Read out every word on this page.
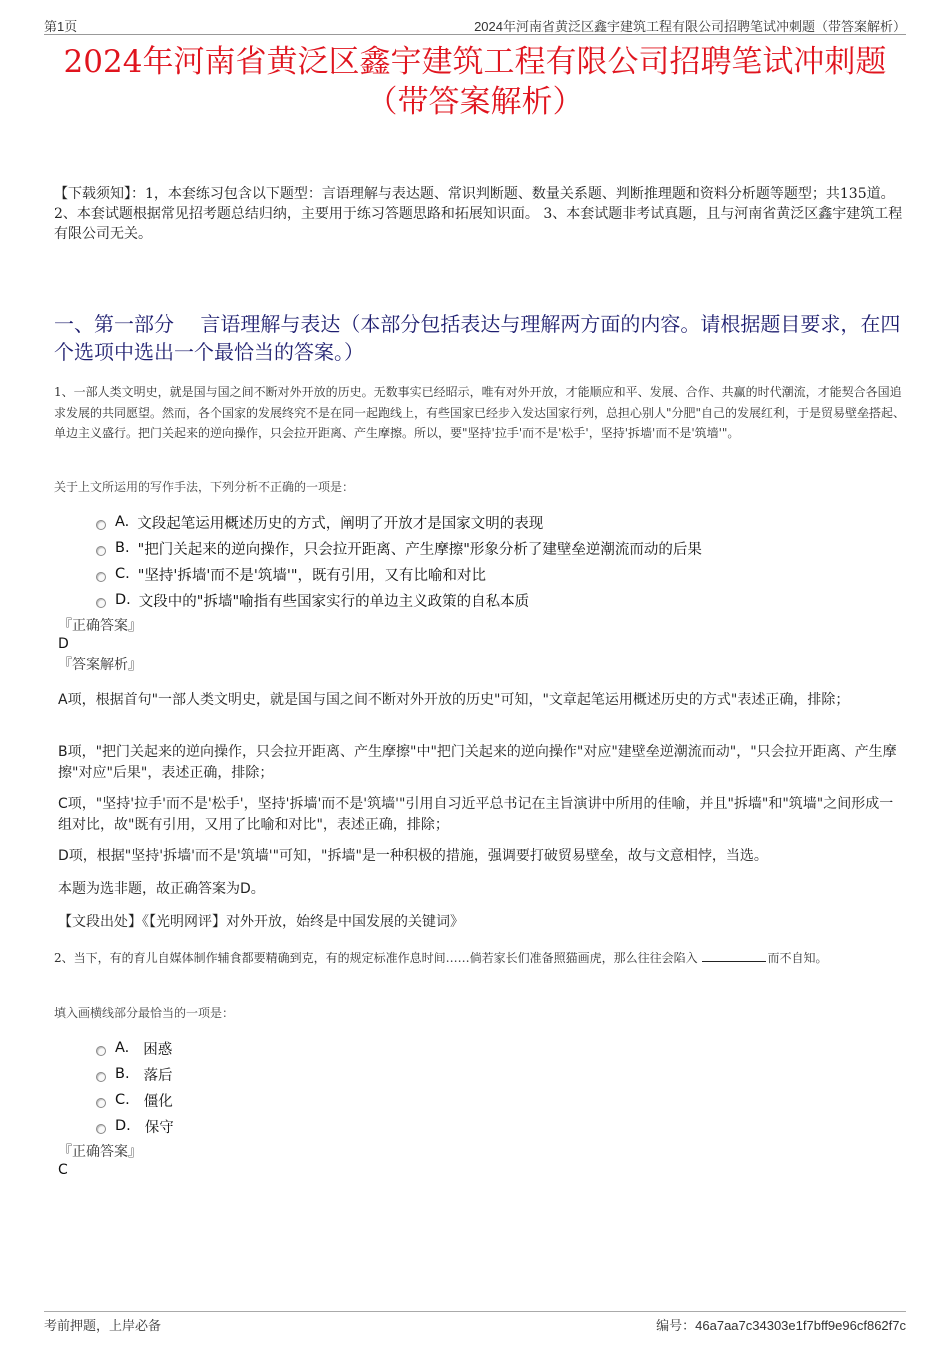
第1页	2024年河南省黄泛区鑫宇建筑工程有限公司招聘笔试冲刺题（带答案解析）
2024年河南省黄泛区鑫宇建筑工程有限公司招聘笔试冲刺题
（带答案解析）
【下载须知】：1，本套练习包含以下题型：言语理解与表达题、常识判断题、数量关系题、判断推理题和资料分析题等题型；共135道。 2、本套试题根据常见招考题总结归纳，主要用于练习答题思路和拓展知识面。 3、本套试题非考试真题，且与河南省黄泛区鑫宇建筑工程有限公司无关。
一、第一部分　 言语理解与表达（本部分包括表达与理解两方面的内容。请根据题目要求，在四个选项中选出一个最恰当的答案。）
1、一部人类文明史，就是国与国之间不断对外开放的历史。无数事实已经昭示，唯有对外开放，才能顺应和平、发展、合作、共赢的时代潮流，才能契合各国追求发展的共同愿望。然而，各个国家的发展终究不是在同一起跑线上，有些国家已经步入发达国家行列，总担心别人"分肥"自己的发展红利，于是贸易壁垒搭起、单边主义盛行。把门关起来的逆向操作，只会拉开距离、产生摩擦。所以，要"坚持'拉手'而不是'松手'，坚持'拆墙'而不是'筑墙'"。
关于上文所运用的写作手法，下列分析不正确的一项是：
A. 文段起笔运用概述历史的方式，阐明了开放才是国家文明的表现
B. "把门关起来的逆向操作，只会拉开距离、产生摩擦"形象分析了建壁垒逆潮流而动的后果
C. "坚持'拆墙'而不是'筑墙'"，既有引用，又有比喻和对比
D. 文段中的"拆墙"喻指有些国家实行的单边主义政策的自私本质
『正确答案』
D
『答案解析』
A项，根据首句"一部人类文明史，就是国与国之间不断对外开放的历史"可知，"文章起笔运用概述历史的方式"表述正确，排除；
B项，"把门关起来的逆向操作，只会拉开距离、产生摩擦"中"把门关起来的逆向操作"对应"建壁垒逆潮流而动"，"只会拉开距离、产生摩擦"对应"后果"，表述正确，排除；
C项，"坚持'拉手'而不是'松手'，坚持'拆墙'而不是'筑墙'"引用自习近平总书记在主旨演讲中所用的佳喻，并且"拆墙"和"筑墙"之间形成一组对比，故"既有引用，又用了比喻和对比"，表述正确，排除；
D项，根据"坚持'拆墙'而不是'筑墙'"可知，"拆墙"是一种积极的措施，强调要打破贸易壁垒，故与文意相悖，当选。
本题为选非题，故正确答案为D。
【文段出处】《【光明网评】对外开放，始终是中国发展的关键词》
2、当下，有的育儿自媒体制作辅食都要精确到克，有的规定标准作息时间……倘若家长们准备照猫画虎，那么往往会陷入	而不自知。
填入画横线部分最恰当的一项是：
A. 困惑
B. 落后
C. 僵化
D. 保守
『正确答案』
C
考前押题，上岸必备	编号：46a7aa7c34303e1f7bff9e96cf862f7c
